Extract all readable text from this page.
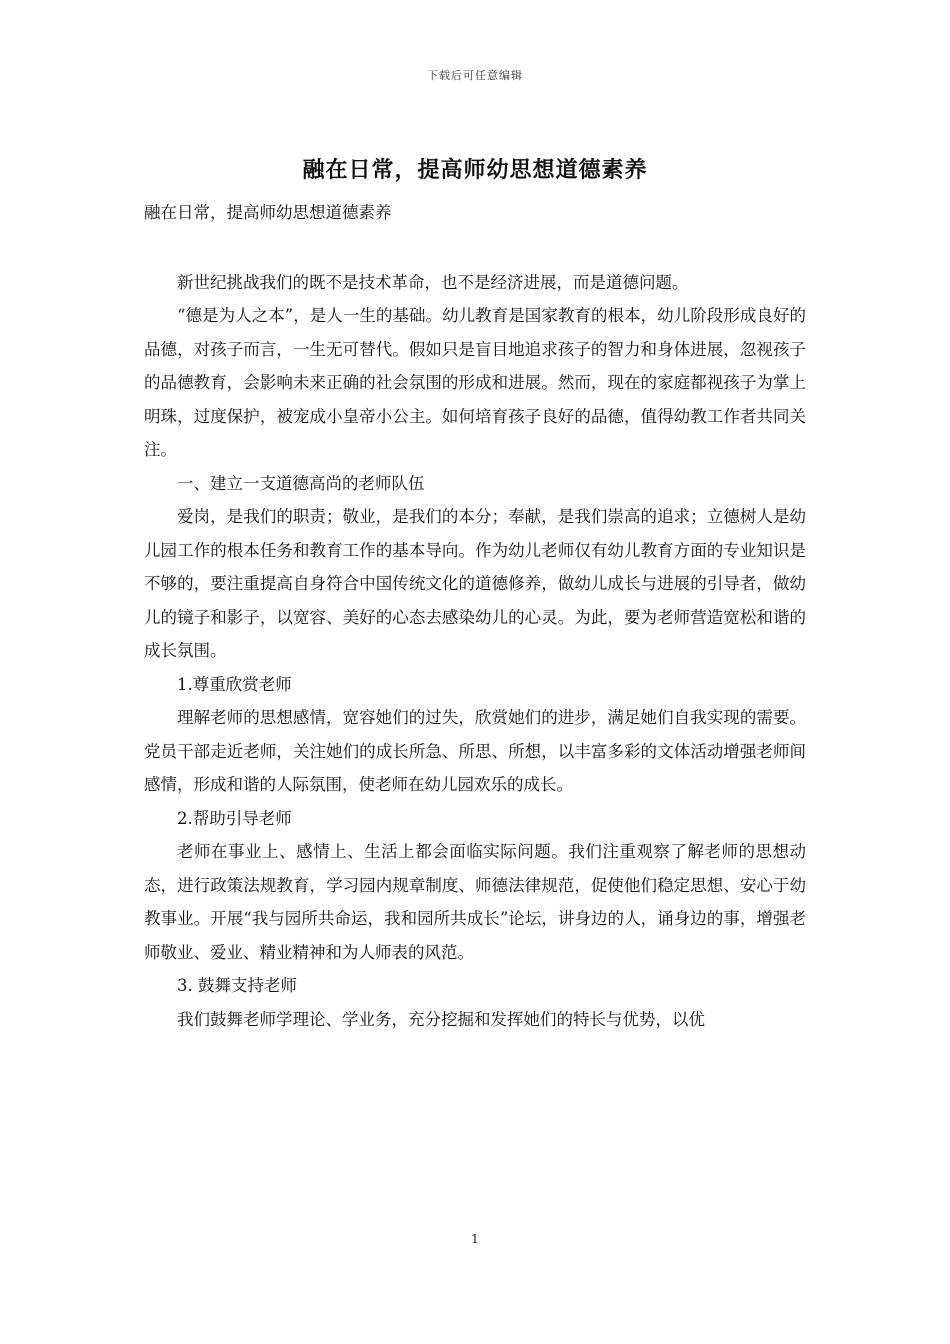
下载后可任意编辑
融在日常，提高师幼思想道德素养

融在日常，提高师幼思想道德素养

新世纪挑战我们的既不是技术革命，也不是经济进展，而是道德问题。

“德是为人之本”，是人一生的基础。幼儿教育是国家教育的根本，幼儿阶段形成良好的品德，对孩子而言，一生无可替代。假如只是盲目地追求孩子的智力和身体进展，忽视孩子的品德教育，会影响未来正确的社会氛围的形成和进展。然而，现在的家庭都视孩子为掌上明珠，过度保护，被宠成小皇帝小公主。如何培育孩子良好的品德，值得幼教工作者共同关注。

一、建立一支道德高尚的老师队伍

爱岗，是我们的职责；敬业，是我们的本分；奉献，是我们崇高的追求；立德树人是幼儿园工作的根本任务和教育工作的基本导向。作为幼儿老师仅有幼儿教育方面的专业知识是不够的，要注重提高自身符合中国传统文化的道德修养，做幼儿成长与进展的引导者，做幼儿的镜子和影子，以宽容、美好的心态去感染幼儿的心灵。为此，要为老师营造宽松和谐的成长氛围。

1.尊重欣赏老师

理解老师的思想感情，宽容她们的过失，欣赏她们的进步，满足她们自我实现的需要。党员干部走近老师，关注她们的成长所急、所思、所想，以丰富多彩的文体活动增强老师间感情，形成和谐的人际氛围，使老师在幼儿园欢乐的成长。

2.帮助引导老师

老师在事业上、感情上、生活上都会面临实际问题。我们注重观察了解老师的思想动态，进行政策法规教育，学习园内规章制度、师德法律规范，促使他们稳定思想、安心于幼教事业。开展“我与园所共命运，我和园所共成长”论坛，讲身边的人，诵身边的事，增强老师敬业、爱业、精业精神和为人师表的风范。

3. 鼓舞支持老师

我们鼓舞老师学理论、学业务，充分挖掘和发挥她们的特长与优势，以优

1
